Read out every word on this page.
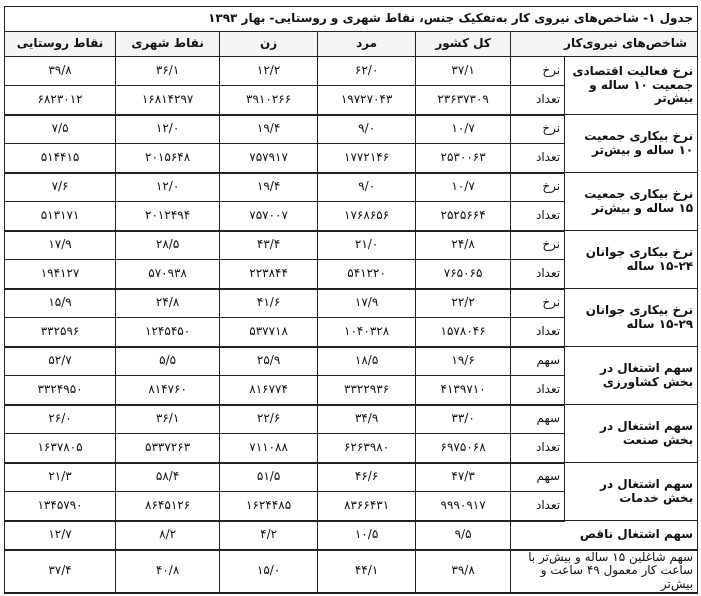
جدول ۱- شاخص‌های نیروی کار به‌تفکیک جنس، نقاط شهری و روستایی- بهار ۱۳۹۳						
شاخص‌های نیروی‌کار		کل کشور	مرد	زن	نقاط شهری	نقاط روستایی
نرخ فعالیت اقتصادی جمعیت ۱۰ ساله و بیش‌تر	نرخ	۳۷/۱	۶۲/۰	۱۲/۲	۳۶/۱	۳۹/۸
	تعداد	۲۳۶۳۷۳۰۹	۱۹۷۲۷۰۴۳	۳۹۱۰۲۶۶	۱۶۸۱۴۲۹۷	۶۸۲۳۰۱۲
نرخ بیکاری جمعیت ۱۰ ساله و بیش‌تر	نرخ	۱۰/۷	۹/۰	۱۹/۴	۱۲/۰	۷/۵
	تعداد	۲۵۳۰۰۶۳	۱۷۷۲۱۴۶	۷۵۷۹۱۷	۲۰۱۵۶۴۸	۵۱۴۴۱۵
نرخ بیکاری جمعیت ۱۵ ساله و بیش‌تر	نرخ	۱۰/۷	۹/۰	۱۹/۴	۱۲/۰	۷/۶
	تعداد	۲۵۲۵۶۶۴	۱۷۶۸۶۵۶	۷۵۷۰۰۷	۲۰۱۲۴۹۴	۵۱۳۱۷۱
نرخ بیکاری جوانان ۲۴-۱۵ ساله	نرخ	۲۴/۸	۲۱/۰	۴۳/۴	۲۸/۵	۱۷/۹
	تعداد	۷۶۵۰۶۵	۵۴۱۲۲۰	۲۲۳۸۴۴	۵۷۰۹۳۸	۱۹۴۱۲۷
نرخ بیکاری جوانان ۲۹-۱۵ ساله	نرخ	۲۲/۲	۱۷/۹	۴۱/۶	۲۴/۸	۱۵/۹
	تعداد	۱۵۷۸۰۴۶	۱۰۴۰۳۲۸	۵۳۷۷۱۸	۱۲۴۵۴۵۰	۳۳۲۵۹۶
سهم اشتغال در بخش کشاورزی	سهم	۱۹/۶	۱۸/۵	۲۵/۹	۵/۵	۵۲/۷
	تعداد	۴۱۳۹۷۱۰	۳۳۲۲۹۳۶	۸۱۶۷۷۴	۸۱۴۷۶۰	۳۳۲۴۹۵۰
سهم اشتغال در بخش صنعت	سهم	۳۳/۰	۳۴/۹	۲۲/۶	۳۶/۱	۲۶/۰
	تعداد	۶۹۷۵۰۶۸	۶۲۶۳۹۸۰	۷۱۱۰۸۸	۵۳۳۷۲۶۳	۱۶۳۷۸۰۵
سهم اشتغال در بخش خدمات	سهم	۴۷/۳	۴۶/۶	۵۱/۵	۵۸/۴	۲۱/۳
	تعداد	۹۹۹۰۹۱۷	۸۳۶۶۴۳۱	۱۶۲۴۴۸۵	۸۶۴۵۱۲۶	۱۳۴۵۷۹۰
سهم اشتغال ناقص		۹/۵	۱۰/۵	۴/۲	۸/۲	۱۲/۷
سهم شاغلین ۱۵ ساله و بیش‌تر با ساعت کار معمول ۴۹ ساعت و بیش‌تر		۳۹/۸	۴۴/۱	۱۵/۰	۴۰/۸	۳۷/۴
